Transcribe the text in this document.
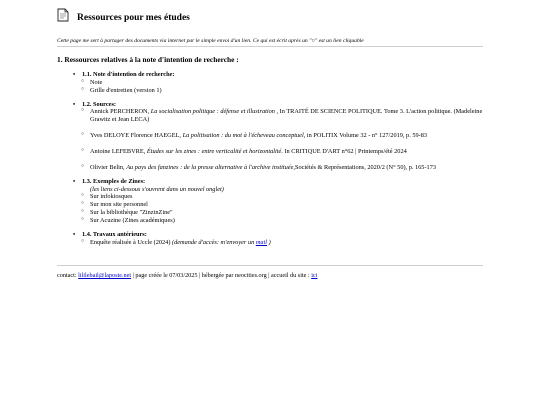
Ressources pour mes études
Cette page me sert à partager des documents via internet par le simple envoi d'un lien. Ce qui est écrit après un "○" est un lien cliquable
1. Ressources relatives à la note d'intention de recherche :
•	1.1. Note d'intention de recherche:
○ Note
○ Grille d'entretien (version 1)
•	1.2. Sources:
○ Annick PERCHERON, La socialisation politique : défense et illustration , In TRAITÉ DE SCIENCE POLITIQUE. Tome 3. L'action politique. (Madeleine Grawitz et Jean LECA)
○ Yves DELOYE Florence HAEGEL, La politisation : du mot à l'écheveau conceptuel, in POLITIX Volume 32 - n° 127/2019, p. 59-83
○ Antoine LEFEBVRE, Études sur les zines : entre verticalité et horizontalité. In CRITIQUE D'ART n°62 | Printemps/été 2024
○ Olivier Belin, Au pays des fanzines : de la presse alternative à l'archive instituée,Sociétés & Représentations, 2020/2 (N° 50), p. 165-173
•	1.3. Exemples de Zines:
(les liens ci-dessous s'ouvrent dans un nouvel onglet)
○ Sur infokiosques
○ Sur mon site personnel
○ Sur la bibliothèque "ZinzinZine"
○ Sur Acuzine (Zines académiques)
•	1.4. Travaux antérieurs:
○ Enquête réalisée à Uccle (2024) (demande d'accès: m'envoyer un mail )
contact: lililebail@laposte.net | page créée le 07/03/2025 | hébergée par neocities.org | accueil du site : ici
